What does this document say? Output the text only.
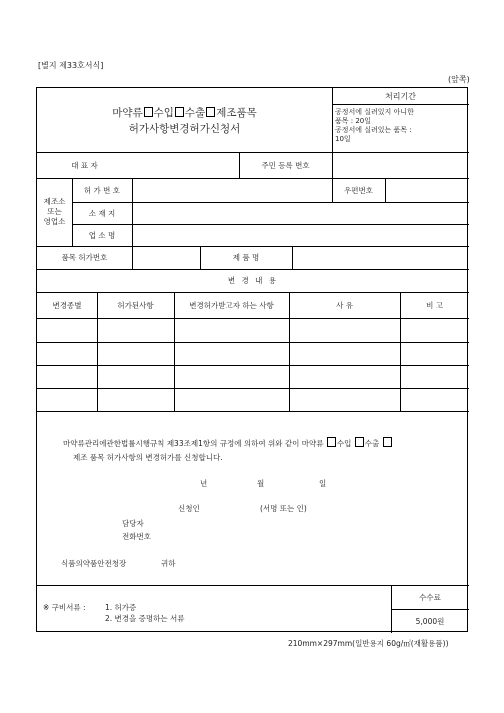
[별지 제33호서식]
(앞쪽)
마약류 수입 수출 제조품목
허가사항변경허가신청서
처리기간
공정서에 실려있지 아니한
품목 : 20일
공정서에 실려있는 품목 :
10일
대 표 자	주민 등록 번호
제조소
또는
영업소
허 가 번 호	우편번호
소 재 지
업 소 명
품목 허가번호	제 품 명
변 경 내 용
변경종별	허가된사항	변경허가받고자 하는 사항	사 유	비 고
마약류관리에관한법률시행규칙 제33조제1항의 규정에 의하여 위와 같이 마약류 수입 수출
제조 품목 허가사항의 변경허가를 신청합니다.
년	월	일
신청인	(서명 또는 인)
담당자
전화번호
식품의약품안전청장	귀하
※ 구비서류 :	1. 허가증
2. 변경을 증명하는 서류
수수료
5,000원
210mm×297mm(일반용지 60g/㎡(재활용품))
